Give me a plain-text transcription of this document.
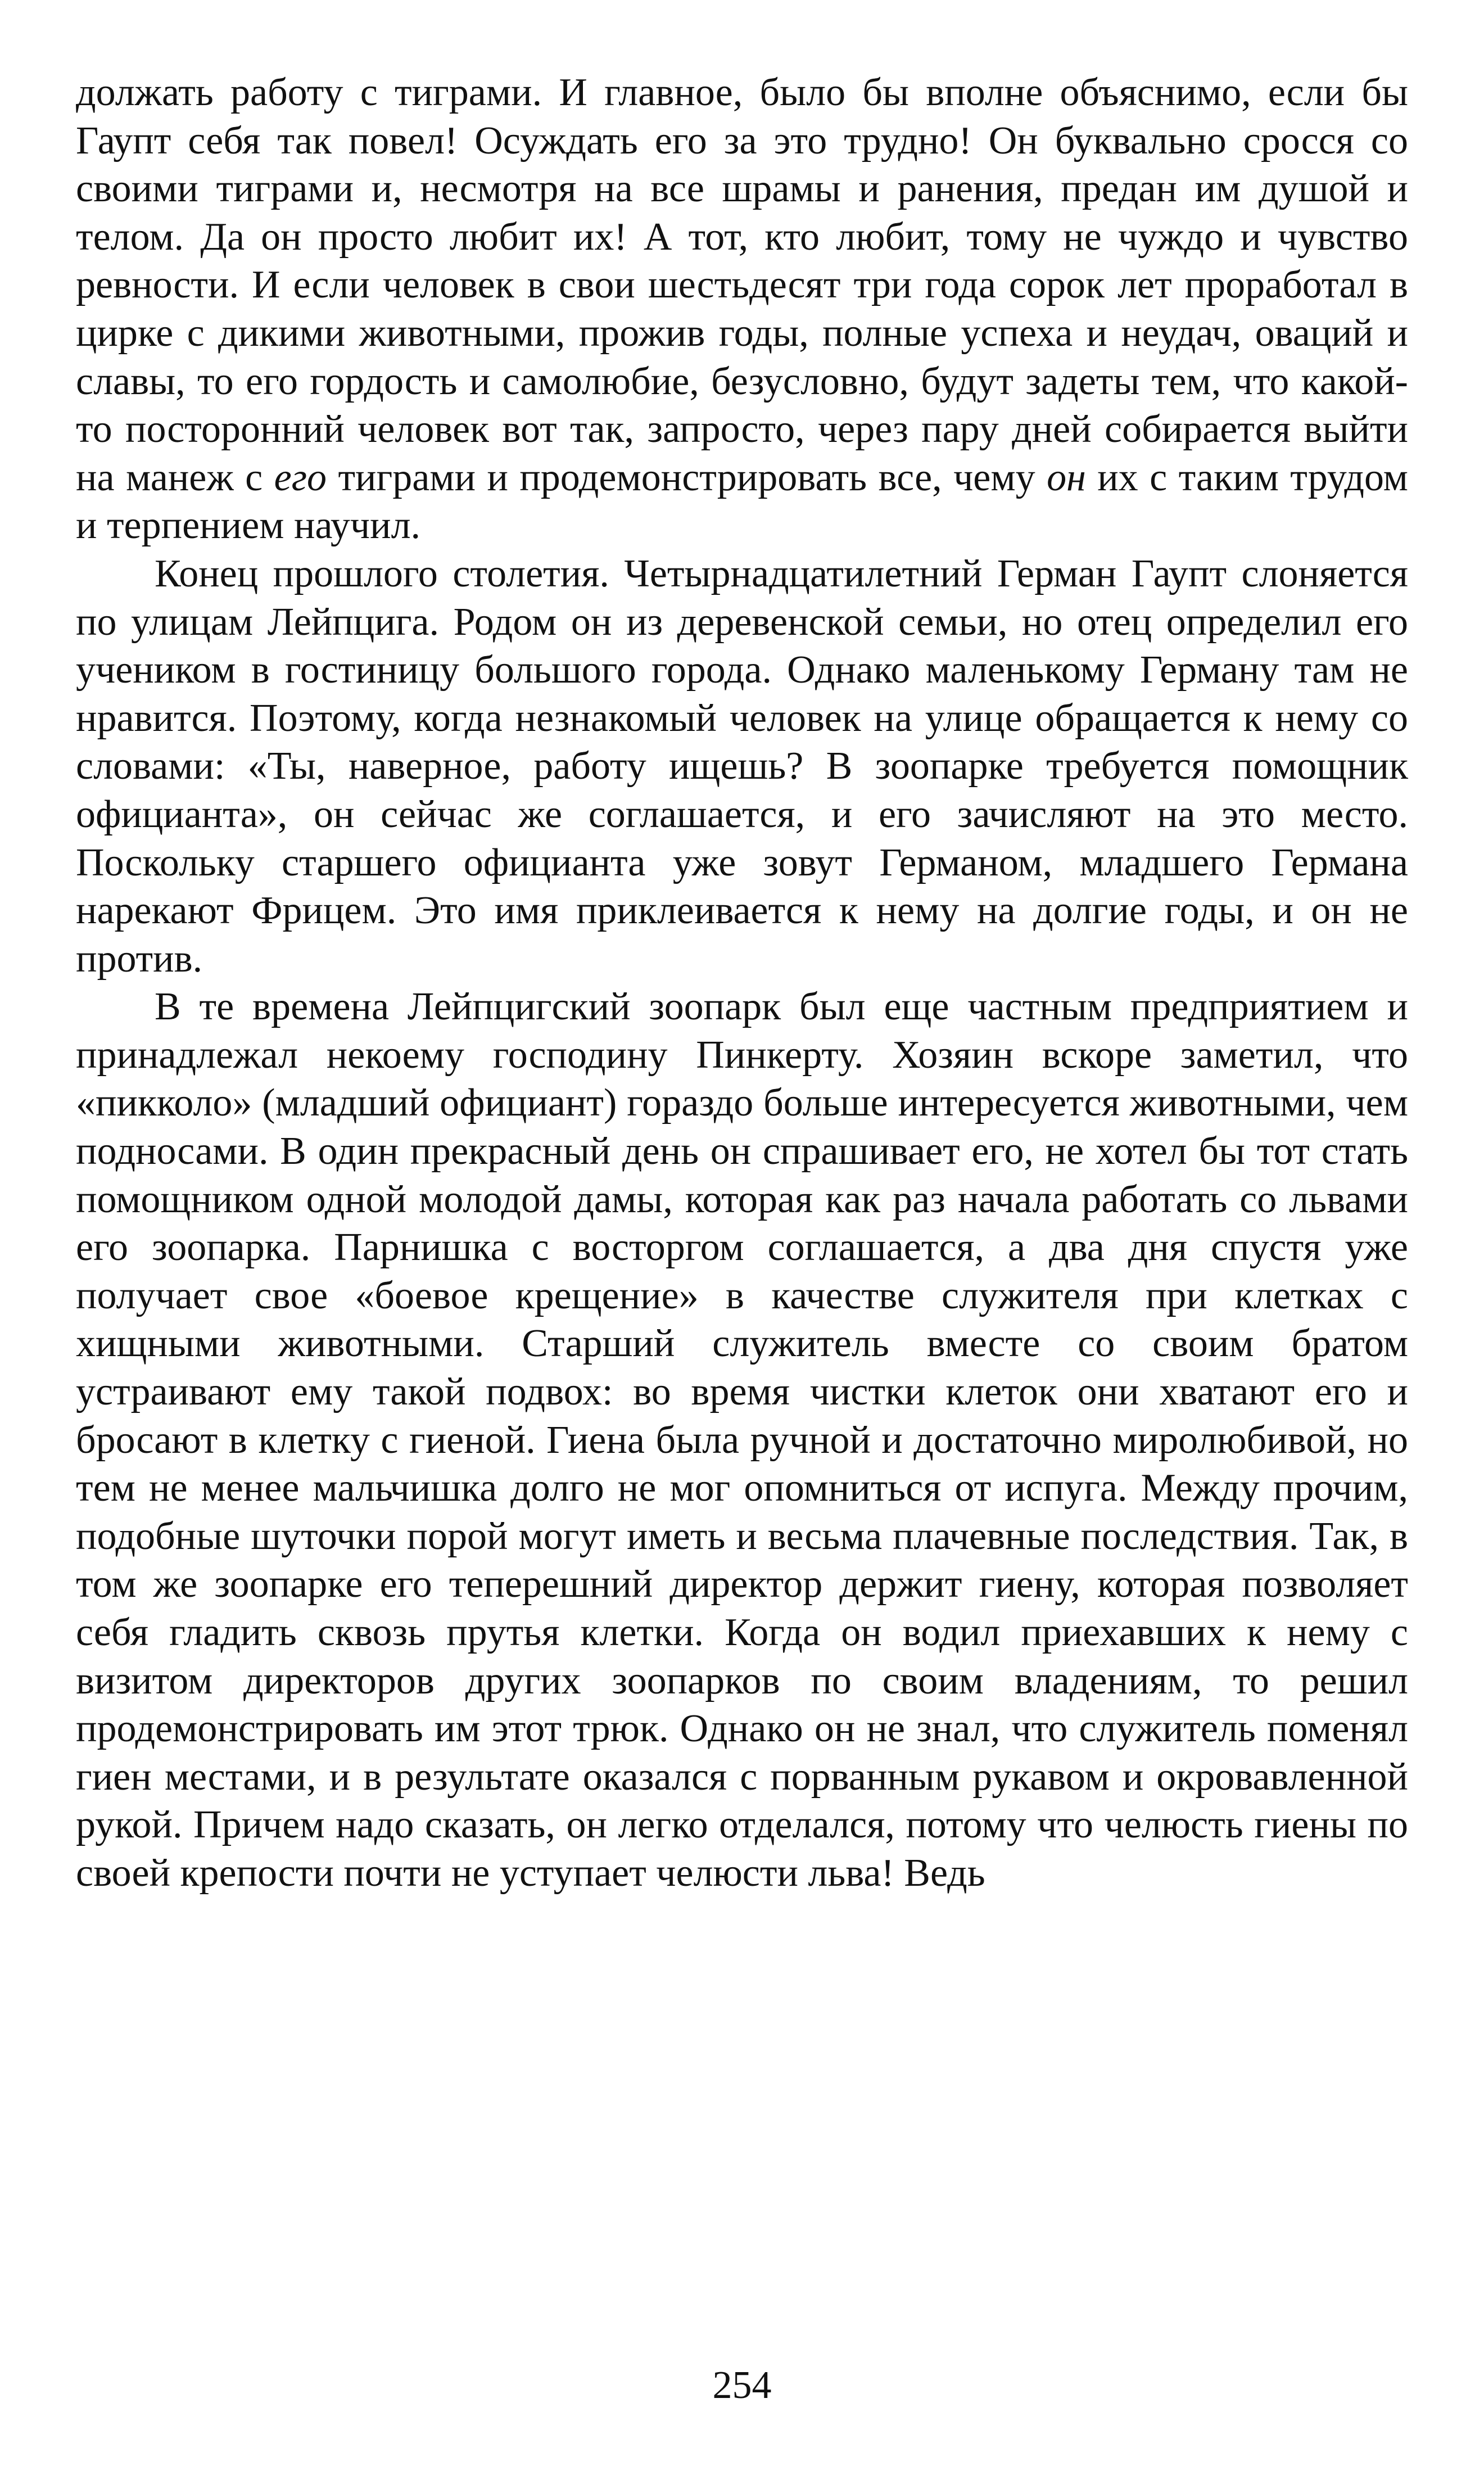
должать работу с тиграми. И главное, было бы вполне объяснимо, если бы Гаупт себя так повел! Осуждать его за это трудно! Он буквально сросся со своими тиграми и, несмотря на все шрамы и ранения, предан им душой и телом. Да он просто любит их! А тот, кто любит, тому не чуждо и чувство ревности. И если человек в свои шестьдесят три года сорок лет проработал в цирке с дикими животными, прожив годы, полные успеха и неудач, оваций и славы, то его гордость и самолюбие, безусловно, будут задеты тем, что какой-то посторонний человек вот так, запросто, через пару дней собирается выйти на манеж с его тиграми и продемонстрировать все, чему он их с таким трудом и терпением научил.

Конец прошлого столетия. Четырнадцатилетний Герман Гаупт слоняется по улицам Лейпцига. Родом он из деревенской семьи, но отец определил его учеником в гостиницу большого города. Однако маленькому Герману там не нравится. Поэтому, когда незнакомый человек на улице обращается к нему со словами: «Ты, наверное, работу ищешь? В зоопарке требуется помощник официанта», он сейчас же соглашается, и его зачисляют на это место. Поскольку старшего официанта уже зовут Германом, младшего Германа нарекают Фрицем. Это имя приклеивается к нему на долгие годы, и он не против.

В те времена Лейпцигский зоопарк был еще частным предприятием и принадлежал некоему господину Пинкерту. Хозяин вскоре заметил, что «пикколо» (младший официант) гораздо больше интересуется животными, чем подносами. В один прекрасный день он спрашивает его, не хотел бы тот стать помощником одной молодой дамы, которая как раз начала работать со львами его зоопарка. Парнишка с восторгом соглашается, а два дня спустя уже получает свое «боевое крещение» в качестве служителя при клетках с хищными животными. Старший служитель вместе со своим братом устраивают ему такой подвох: во время чистки клеток они хватают его и бросают в клетку с гиеной. Гиена была ручной и достаточно миролюбивой, но тем не менее мальчишка долго не мог опомниться от испуга. Между прочим, подобные шуточки порой могут иметь и весьма плачевные последствия. Так, в том же зоопарке его теперешний директор держит гиену, которая позволяет себя гладить сквозь прутья клетки. Когда он водил приехавших к нему с визитом директоров других зоопарков по своим владениям, то решил продемонстрировать им этот трюк. Однако он не знал, что служитель поменял гиен местами, и в результате оказался с порванным рукавом и окровавленной рукой. Причем надо сказать, он легко отделался, потому что челюсть гиены по своей крепости почти не уступает челюсти льва! Ведь

254
